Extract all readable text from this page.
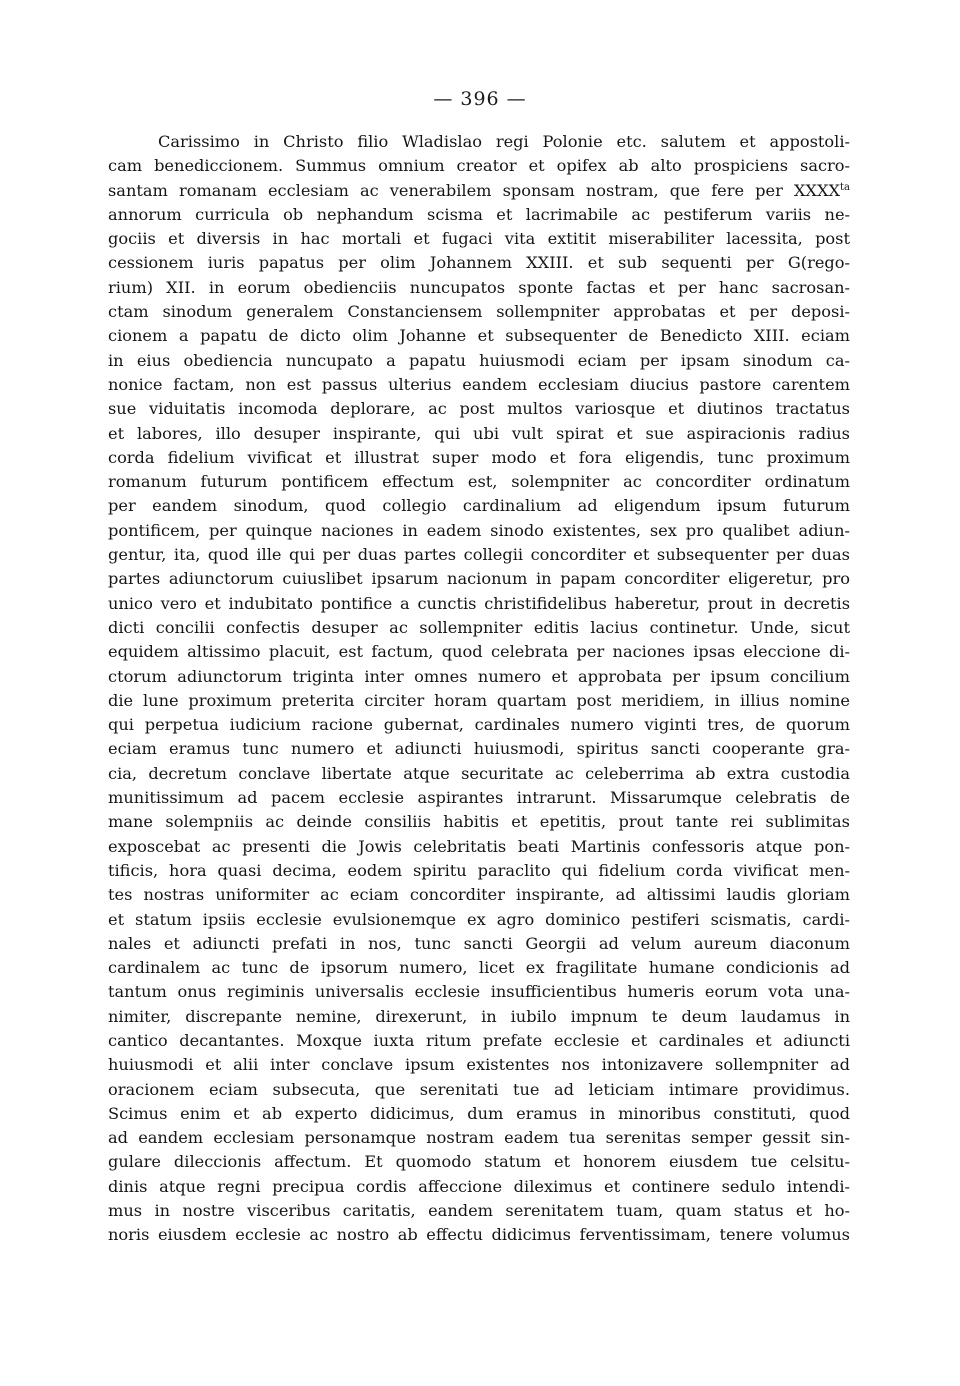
— 396 —
Carissimo in Christo filio Wladislao regi Polonie etc. salutem et appostoli-
cam benediccionem. Summus omnium creator et opifex ab alto prospiciens sacro-
santam romanam ecclesiam ac venerabilem sponsam nostram, que fere per $XXXX^{ta}$
annorum curricula ob nephandum scisma et lacrimabile ac pestiferum variis ne-
gociis et diversis in hac mortali et fugaci vita extitit miserabiliter lacessita, post
cessionem iuris papatus per olim Johannem XXIII. et sub sequenti per G(rego-
rium) XII. in eorum obedienciis nuncupatos sponte factas et per hanc sacrosan-
ctam sinodum generalem Constanciensem sollempniter approbatas et per deposi-
cionem a papatu de dicto olim Johanne et subsequenter de Benedicto XIII. eciam
in eius obediencia nuncupato a papatu huiusmodi eciam per ipsam sinodum ca-
nonice factam, non est passus ulterius eandem ecclesiam diucius pastore carentem
sue viduitatis incomoda deplorare, ac post multos variosque et diutinos tractatus
et labores, illo desuper inspirante, qui ubi vult spirat et sue aspiracionis radius
corda fidelium vivificat et illustrat super modo et fora eligendis, tunc proximum
romanum futurum pontificem effectum est, solempniter ac concorditer ordinatum
per eandem sinodum, quod collegio cardinalium ad eligendum ipsum futurum
pontificem, per quinque naciones in eadem sinodo existentes, sex pro qualibet adiun-
gentur, ita, quod ille qui per duas partes collegii concorditer et subsequenter per duas
partes adiunctorum cuiuslibet ipsarum nacionum in papam concorditer eligeretur, pro
unico vero et indubitato pontifice a cunctis christifidelibus haberetur, prout in decretis
dicti concilii confectis desuper ac sollempniter editis lacius continetur. Unde, sicut
equidem altissimo placuit, est factum, quod celebrata per naciones ipsas eleccione di-
ctorum adiunctorum triginta inter omnes numero et approbata per ipsum concilium
die lune proximum preterita circiter horam quartam post meridiem, in illius nomine
qui perpetua iudicium racione gubernat, cardinales numero viginti tres, de quorum
eciam eramus tunc numero et adiuncti huiusmodi, spiritus sancti cooperante gra-
cia, decretum conclave libertate atque securitate ac celeberrima ab extra custodia
munitissimum ad pacem ecclesie aspirantes intrarunt. Missarumque celebratis de
mane solempniis ac deinde consiliis habitis et epetitis, prout tante rei sublimitas
exposcebat ac presenti die Jowis celebritatis beati Martinis confessoris atque pon-
tificis, hora quasi decima, eodem spiritu paraclito qui fidelium corda vivificat men-
tes nostras uniformiter ac eciam concorditer inspirante, ad altissimi laudis gloriam
et statum ipsiis ecclesie evulsionemque ex agro dominico pestiferi scismatis, cardi-
nales et adiuncti prefati in nos, tunc sancti Georgii ad velum aureum diaconum
cardinalem ac tunc de ipsorum numero, licet ex fragilitate humane condicionis ad
tantum onus regiminis universalis ecclesie insufficientibus humeris eorum vota una-
nimiter, discrepante nemine, direxerunt, in iubilo impnum te deum laudamus in
cantico decantantes. Moxque iuxta ritum prefate ecclesie et cardinales et adiuncti
huiusmodi et alii inter conclave ipsum existentes nos intonizavere sollempniter ad
oracionem eciam subsecuta, que serenitati tue ad leticiam intimare providimus.
Scimus enim et ab experto didicimus, dum eramus in minoribus constituti, quod
ad eandem ecclesiam personamque nostram eadem tua serenitas semper gessit sin-
gulare dileccionis affectum. Et quomodo statum et honorem eiusdem tue celsitu-
dinis atque regni precipua cordis affeccione dileximus et continere sedulo intendi-
mus in nostre visceribus caritatis, eandem serenitatem tuam, quam status et ho-
noris eiusdem ecclesie ac nostro ab effectu didicimus ferventissimam, tenere volumus
